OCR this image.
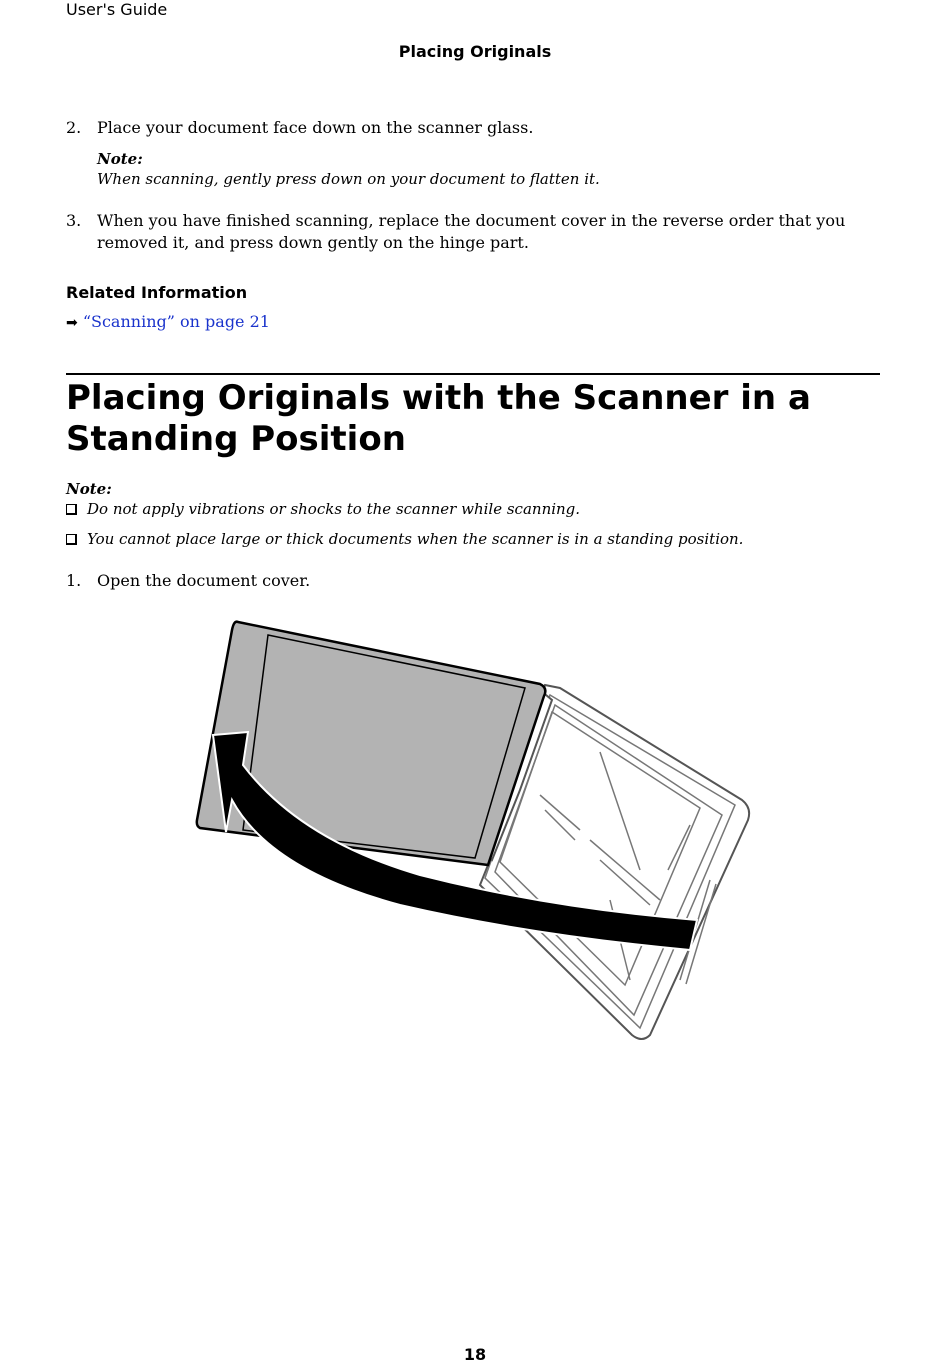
User's Guide
Placing Originals
2. Place your document face down on the scanner glass.
Note:
When scanning, gently press down on your document to flatten it.
3. When you have finished scanning, replace the document cover in the reverse order that you removed it, and press down gently on the hinge part.
Related Information
➡ “Scanning” on page 21
Placing Originals with the Scanner in a Standing Position
Note:
Do not apply vibrations or shocks to the scanner while scanning.
You cannot place large or thick documents when the scanner is in a standing position.
1. Open the document cover.
18
